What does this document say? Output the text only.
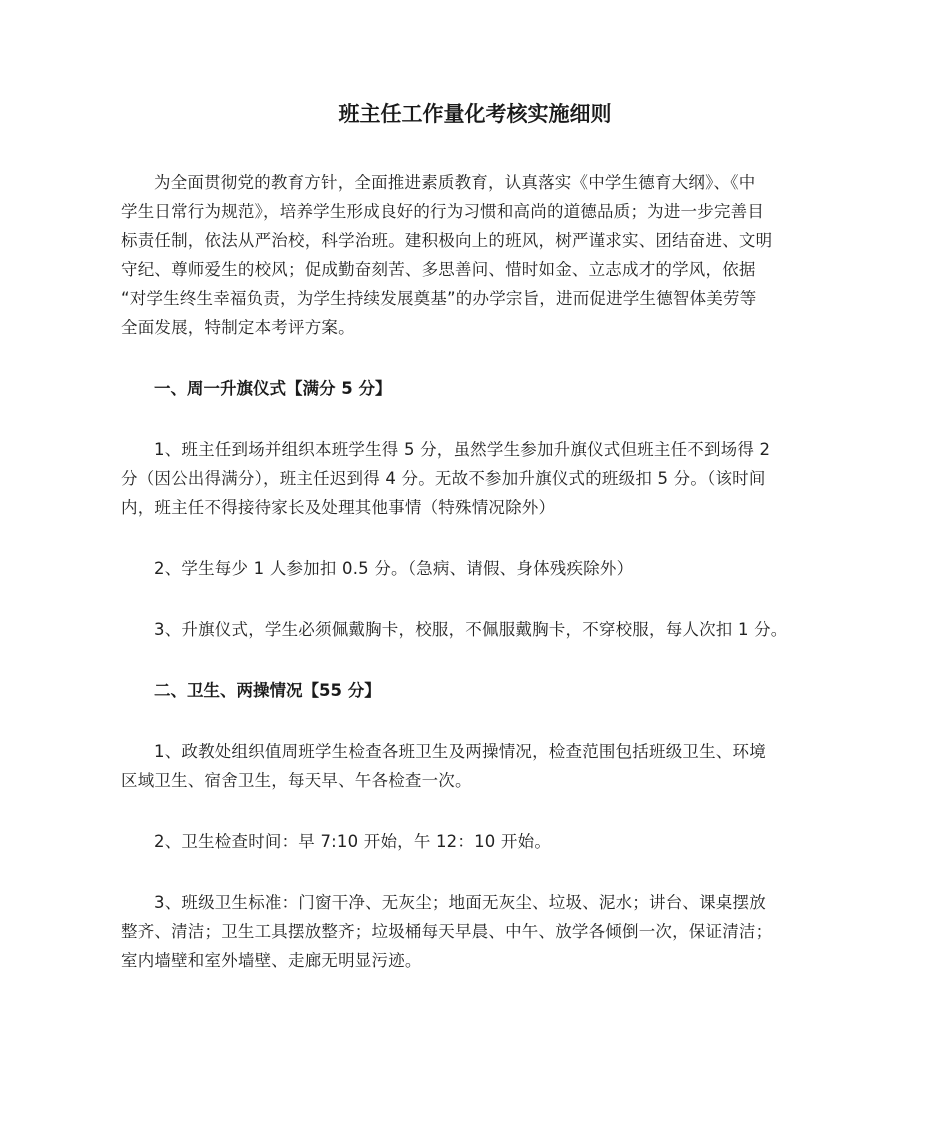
班主任工作量化考核实施细则

为全面贯彻党的教育方针，全面推进素质教育，认真落实《中学生德育大纲》、《中
学生日常行为规范》，培养学生形成良好的行为习惯和高尚的道德品质；为进一步完善目
标责任制，依法从严治校，科学治班。建积极向上的班风，树严谨求实、团结奋进、文明
守纪、尊师爱生的校风；促成勤奋刻苦、多思善问、惜时如金、立志成才的学风，依据
“对学生终生幸福负责，为学生持续发展奠基”的办学宗旨，进而促进学生德智体美劳等
全面发展，特制定本考评方案。

一、周一升旗仪式【满分 5 分】

1、班主任到场并组织本班学生得 5 分，虽然学生参加升旗仪式但班主任不到场得 2
分（因公出得满分），班主任迟到得 4 分。无故不参加升旗仪式的班级扣 5 分。（该时间
内，班主任不得接待家长及处理其他事情（特殊情况除外）

2、学生每少 1 人参加扣 0.5 分。（急病、请假、身体残疾除外）

3、升旗仪式，学生必须佩戴胸卡，校服，不佩服戴胸卡，不穿校服，每人次扣 1 分。

二、卫生、两操情况【55 分】

1、政教处组织值周班学生检查各班卫生及两操情况，检查范围包括班级卫生、环境
区域卫生、宿舍卫生，每天早、午各检查一次。

2、卫生检查时间：早 7:10 开始，午 12：10 开始。

3、班级卫生标准：门窗干净、无灰尘；地面无灰尘、垃圾、泥水；讲台、课桌摆放
整齐、清洁；卫生工具摆放整齐；垃圾桶每天早晨、中午、放学各倾倒一次，保证清洁；
室内墙壁和室外墙壁、走廊无明显污迹。
